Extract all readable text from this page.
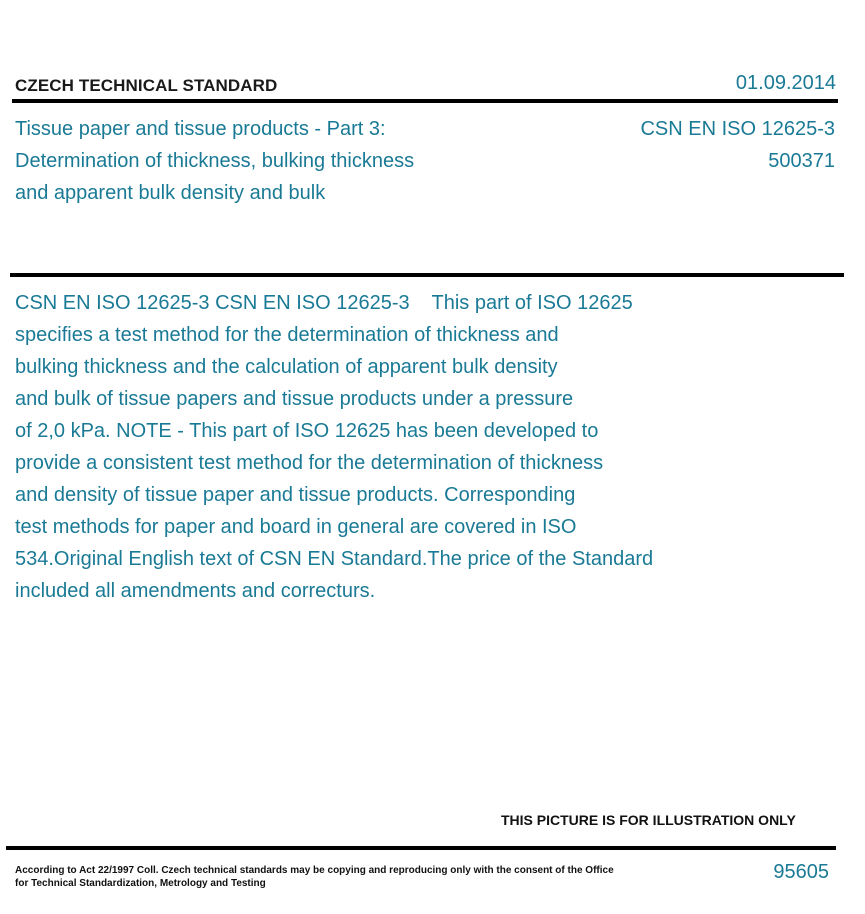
CZECH TECHNICAL STANDARD	01.09.2014
Tissue paper and tissue products - Part 3:
Determination of thickness, bulking thickness
and apparent bulk density and bulk
CSN EN ISO 12625-3
500371
CSN EN ISO 12625-3 CSN EN ISO 12625-3    This part of ISO 12625
specifies a test method for the determination of thickness and
bulking thickness and the calculation of apparent bulk density
and bulk of tissue papers and tissue products under a pressure
of 2,0 kPa. NOTE - This part of ISO 12625 has been developed to
provide a consistent test method for the determination of thickness
and density of tissue paper and tissue products. Corresponding
test methods for paper and board in general are covered in ISO
534.Original English text of CSN EN Standard.The price of the Standard
included all amendments and correcturs.
THIS PICTURE IS FOR ILLUSTRATION ONLY
According to Act 22/1997 Coll. Czech technical standards may be copying and reproducing only with the consent of the Office
for Technical Standardization, Metrology and Testing
95605
